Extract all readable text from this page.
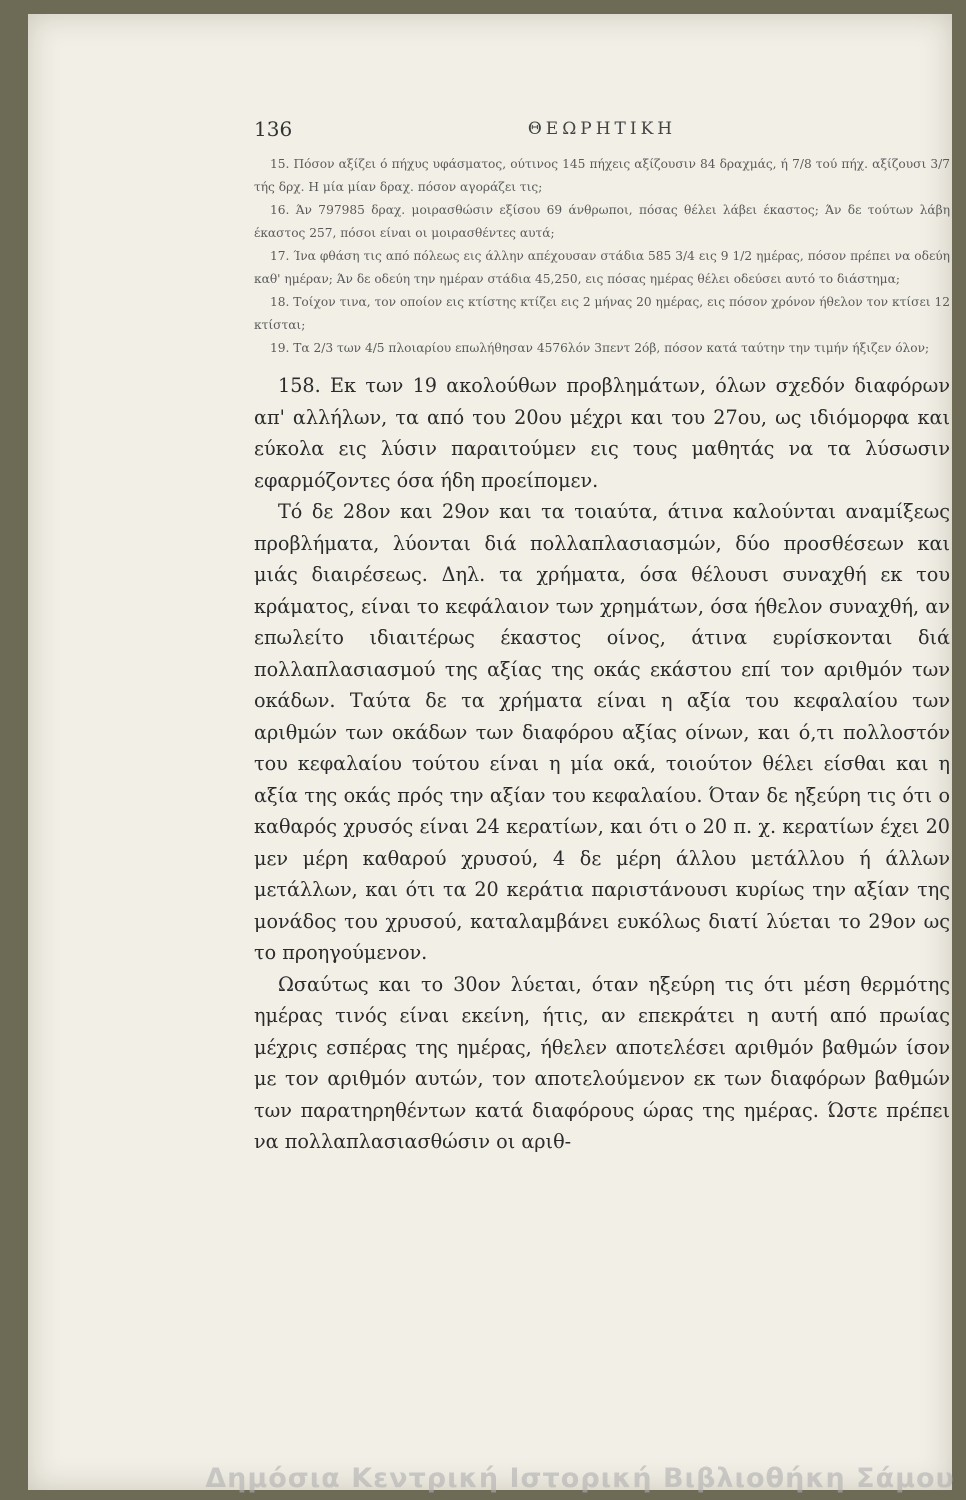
136	ΘΕΩΡΗΤΙΚΗ

15. Πόσον αξίζει ό πήχυς υφάσματος, ούτινος 145 πήχεις αξίζουσιν 84 δραχμάς, ή 7/8 τού πήχ. αξίζουσι 3/7 τής δρχ. Η μία μίαν δραχ. πόσον αγοράζει τις;

16. Άν 797985 δραχ. μοιρασθώσιν εξίσου 69 άνθρωποι, πόσας θέλει λάβει έκαστος; Άν δε τούτων λάβη έκαστος 257, πόσοι είναι οι μοιρασθέντες αυτά;

17. Ίνα φθάση τις από πόλεως εις άλλην απέχουσαν στάδια 585 3/4 εις 9 1/2 ημέρας, πόσον πρέπει να οδεύη καθ' ημέραν; Άν δε οδεύη την ημέραν στάδια 45,250, εις πόσας ημέρας θέλει οδεύσει αυτό το διάστημα;

18. Τοίχον τινα, τον οποίον εις κτίστης κτίζει εις 2 μήνας 20 ημέρας, εις πόσον χρόνον ήθελον τον κτίσει 12 κτίσται;

19. Τα 2/3 των 4/5 πλοιαρίου επωλήθησαν 4576λόν 3πεντ 2όβ, πόσον κατά ταύτην την τιμήν ήξιζεν όλον;

158. Εκ των 19 ακολούθων προβλημάτων, όλων σχεδόν διαφόρων απ' αλλήλων, τα από του 20ου μέχρι και του 27ου, ως ιδιόμορφα και εύκολα εις λύσιν παραιτούμεν εις τους μαθητάς να τα λύσωσιν εφαρμόζοντες όσα ήδη προείπομεν.

Τό δε 28ον και 29ον και τα τοιαύτα, άτινα καλούνται αναμίξεως προβλήματα, λύονται διά πολλαπλασιασμών, δύο προσθέσεων και μιάς διαιρέσεως. Δηλ. τα χρήματα, όσα θέλουσι συναχθή εκ του κράματος, είναι το κεφάλαιον των χρημάτων, όσα ήθελον συναχθή, αν επωλείτο ιδιαιτέρως έκαστος οίνος, άτινα ευρίσκονται διά πολλαπλασιασμού της αξίας της οκάς εκάστου επί τον αριθμόν των οκάδων. Ταύτα δε τα χρήματα είναι η αξία του κεφαλαίου των αριθμών των οκάδων των διαφόρου αξίας οίνων, και ό,τι πολλοστόν του κεφαλαίου τούτου είναι η μία οκά, τοιούτον θέλει είσθαι και η αξία της οκάς πρός την αξίαν του κεφαλαίου. Όταν δε ηξεύρη τις ότι ο καθαρός χρυσός είναι 24 κερατίων, και ότι ο 20 π. χ. κερατίων έχει 20 μεν μέρη καθαρού χρυσού, 4 δε μέρη άλλου μετάλλου ή άλλων μετάλλων, και ότι τα 20 κεράτια παριστάνουσι κυρίως την αξίαν της μονάδος του χρυσού, καταλαμβάνει ευκόλως διατί λύεται το 29ον ως το προηγούμενον.

Ωσαύτως και το 30ον λύεται, όταν ηξεύρη τις ότι μέση θερμότης ημέρας τινός είναι εκείνη, ήτις, αν επεκράτει η αυτή από πρωίας μέχρις εσπέρας της ημέρας, ήθελεν αποτελέσει αριθμόν βαθμών ίσον με τον αριθμόν αυτών, τον αποτελούμενον εκ των διαφόρων βαθμών των παρατηρηθέντων κατά διαφόρους ώρας της ημέρας. Ώστε πρέπει να πολλαπλασιασθώσιν οι αριθ-

Δημόσια Κεντρική Ιστορική Βιβλιοθήκη Σάμου
